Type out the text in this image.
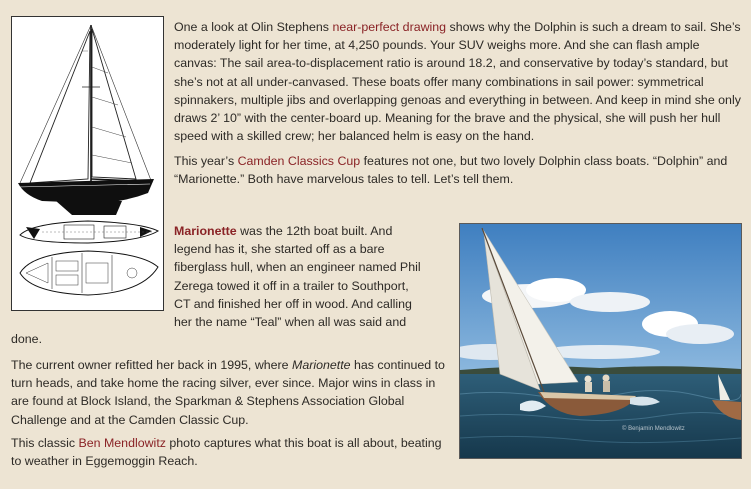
One a look at Olin Stephens near-perfect drawing shows why the Dolphin is such a dream to sail. She’s moderately light for her time, at 4,250 pounds. Your SUV weighs more. And she can flash ample canvas: The sail area-to-displacement ratio is around 18.2, and conservative by today’s standard, but she’s not at all under-canvased. These boats offer many combinations in sail power: symmetrical spinnakers, multiple jibs and overlapping genoas and everything in between. And keep in mind she only draws 2’ 10” with the center-board up. Meaning for the brave and the physical, she will push her hull speed with a skilled crew; her balanced helm is easy on the hand.

This year’s Camden Classics Cup features not one, but two lovely Dolphin class boats. “Dolphin” and “Marionette.” Both have marvelous tales to tell. Let’s tell them.

Marionette was the 12th boat built. And legend has it, she started off as a bare fiberglass hull, when an engineer named Phil Zerega towed it off in a trailer to Southport, CT and finished her off in wood. And calling her the name “Teal” when all was said and

done.

The current owner refitted her back in 1995, where Marionette has continued to turn heads, and take home the racing silver, ever since. Major wins in class in are found at Block Island, the Sparkman & Stephens Association Global Challenge and at the Camden Classic Cup.

This classic Ben Mendlowitz photo captures what this boat is all about, beating to weather in Eggemoggin Reach.

© Benjamin Mendlowitz
